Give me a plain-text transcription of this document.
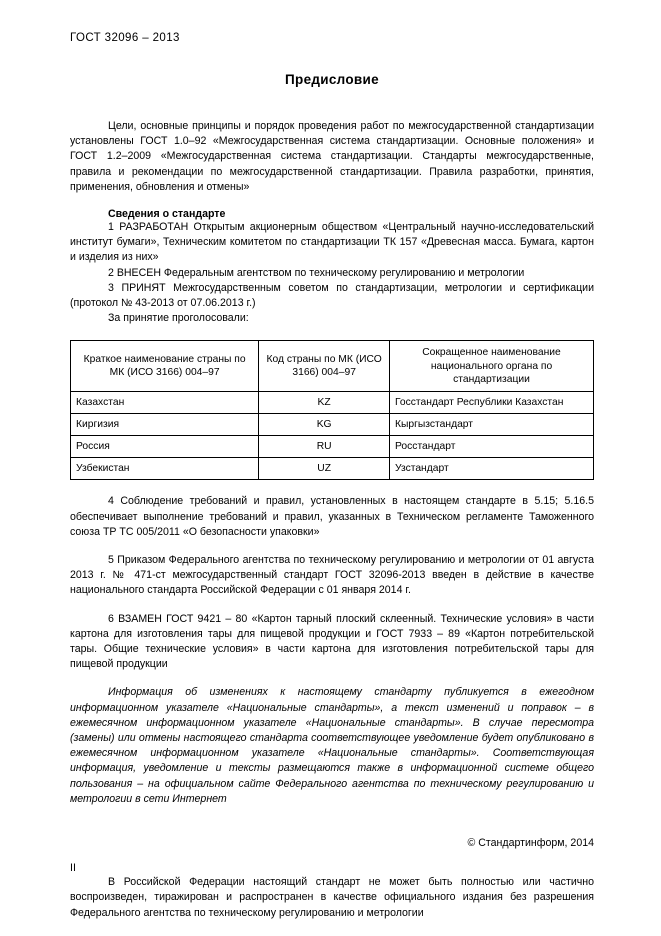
ГОСТ 32096 – 2013
Предисловие

Цели, основные принципы и порядок проведения работ по межгосударственной стандартизации установлены ГОСТ 1.0–92 «Межгосударственная система стандартизации. Основные положения» и ГОСТ 1.2–2009 «Межгосударственная система стандартизации. Стандарты межгосударственные, правила и рекомендации по межгосударственной стандартизации. Правила разработки, принятия, применения, обновления и отмены»

Сведения о стандарте

1 РАЗРАБОТАН Открытым акционерным обществом «Центральный научно-исследовательский институт бумаги», Техническим комитетом по стандартизации ТК 157 «Древесная масса. Бумага, картон и изделия из них»

2 ВНЕСЕН Федеральным агентством по техническому регулированию и метрологии

3 ПРИНЯТ Межгосударственным советом по стандартизации, метрологии и сертификации (протокол № 43-2013 от 07.06.2013 г.)

За принятие проголосовали:

Краткое наименование страны по МК (ИСО 3166) 004–97	Код страны по МК (ИСО 3166) 004–97	Сокращенное наименование национального органа по стандартизации
Казахстан	KZ	Госстандарт Республики Казахстан
Киргизия	KG	Кыргызстандарт
Россия	RU	Росстандарт
Узбекистан	UZ	Узстандарт

4 Соблюдение требований и правил, установленных в настоящем стандарте в 5.15; 5.16.5 обеспечивает выполнение требований и правил, указанных в Техническом регламенте Таможенного союза ТР ТС 005/2011 «О безопасности упаковки»

5 Приказом Федерального агентства по техническому регулированию и метрологии от 01 августа 2013 г. № 471-ст межгосударственный стандарт ГОСТ 32096-2013 введен в действие в качестве национального стандарта Российской Федерации с 01 января 2014 г.

6 ВЗАМЕН ГОСТ 9421 – 80 «Картон тарный плоский склеенный. Технические условия» в части картона для изготовления тары для пищевой продукции и ГОСТ 7933 – 89 «Картон потребительской тары. Общие технические условия» в части картона для изготовления потребительской тары для пищевой продукции

Информация об изменениях к настоящему стандарту публикуется в ежегодном информационном указателе «Национальные стандарты», а текст изменений и поправок – в ежемесячном информационном указателе «Национальные стандарты». В случае пересмотра (замены) или отмены настоящего стандарта соответствующее уведомление будет опубликовано в ежемесячном информационном указателе «Национальные стандарты». Соответствующая информация, уведомление и тексты размещаются также в информационной системе общего пользования – на официальном сайте Федерального агентства по техническому регулированию и метрологии в сети Интернет

© Стандартинформ, 2014

В Российской Федерации настоящий стандарт не может быть полностью или частично воспроизведен, тиражирован и распространен в качестве официального издания без разрешения Федерального агентства по техническому регулированию и метрологии

II
